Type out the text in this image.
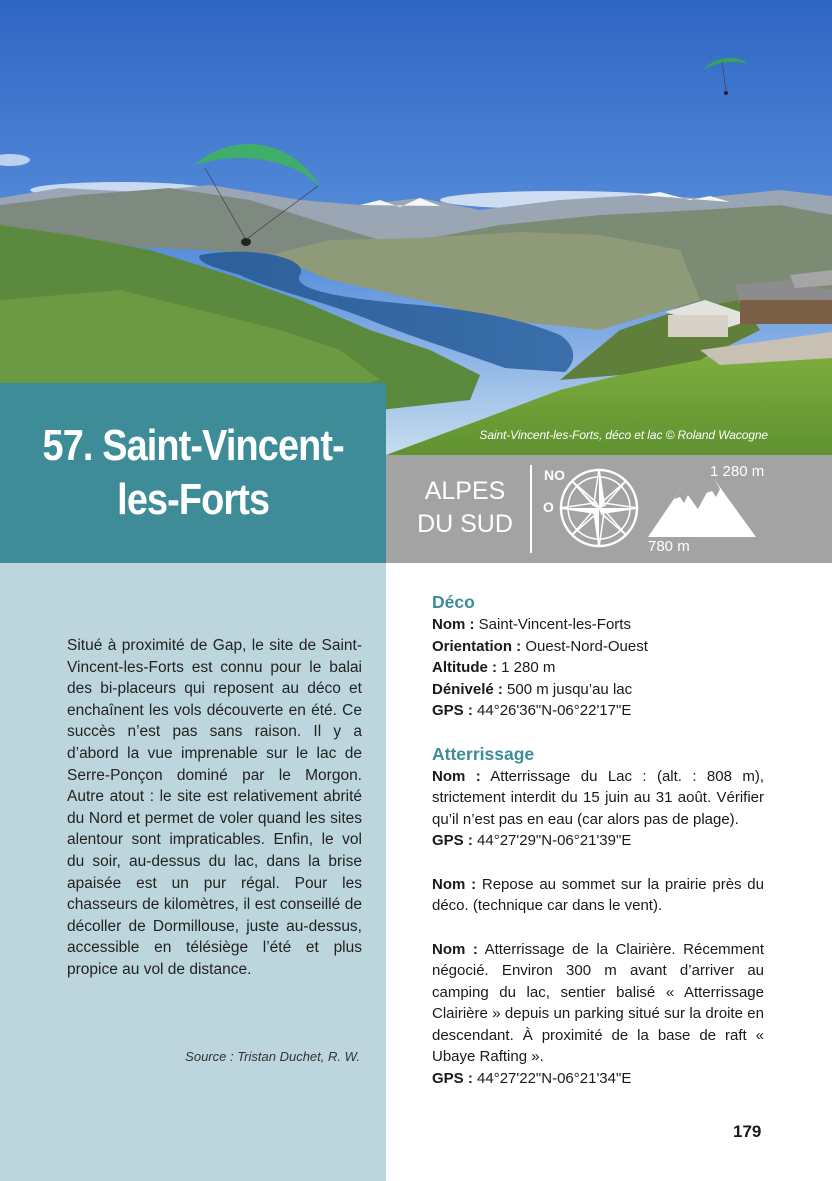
Saint-Vincent-les-Forts, déco et lac © Roland Wacogne
57. Saint-Vincent-
les-Forts	ALPES
DU SUD
NO
O
1 280 m
780 m
Situé à proximité de Gap, le site de Saint-Vincent-les-Forts est connu pour le balai des bi-placeurs qui reposent au déco et enchaînent les vols découverte en été. Ce succès n’est pas sans raison. Il y a d’abord la vue imprenable sur le lac de Serre-Ponçon dominé par le Morgon. Autre atout : le site est relativement abrité du Nord et permet de voler quand les sites alentour sont impraticables. Enfin, le vol du soir, au-dessus du lac, dans la brise apaisée est un pur régal. Pour les chasseurs de kilomètres, il est conseillé de décoller de Dormillouse, juste au-dessus, accessible en télésiège l’été et plus propice au vol de distance.
Source : Tristan Duchet, R. W.
Déco
Nom : Saint-Vincent-les-Forts
Orientation : Ouest-Nord-Ouest
Altitude : 1 280 m
Dénivelé : 500 m jusqu’au lac
GPS : 44°26'36"N-06°22'17"E
Atterrissage
Nom : Atterrissage du Lac : (alt. : 808 m), strictement interdit du 15 juin au 31 août. Vérifier qu’il n’est pas en eau (car alors pas de plage).
GPS : 44°27'29"N-06°21'39"E
Nom : Repose au sommet sur la prairie près du déco. (technique car dans le vent).
Nom : Atterrissage de la Clairière. Récemment négocié. Environ 300 m avant d’arriver au camping du lac, sentier balisé « Atterrissage Clairière » depuis un parking situé sur la droite en descendant. À proximité de la base de raft « Ubaye Rafting ».
GPS : 44°27'22"N-06°21'34"E
179
